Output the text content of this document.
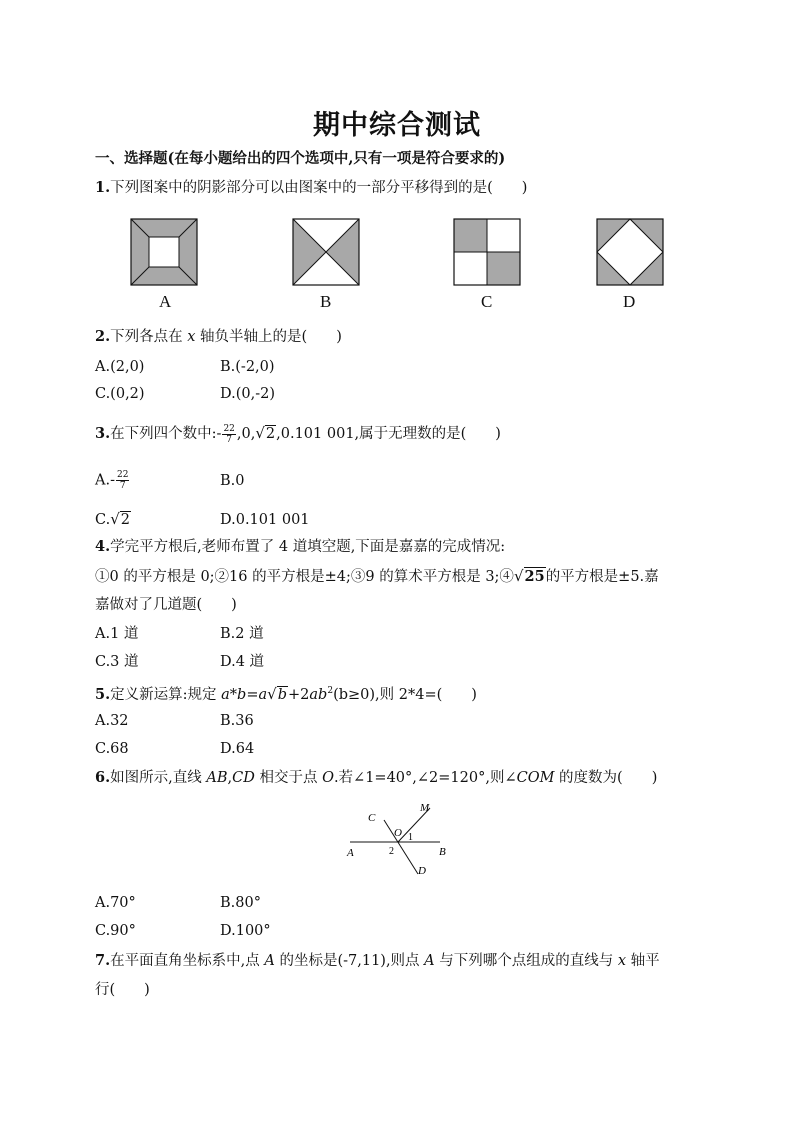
期中综合测试
一、选择题(在每小题给出的四个选项中,只有一项是符合要求的)
1.下列图案中的阴影部分可以由图案中的一部分平移得到的是(　　)
A	B	C	D
2.下列各点在 x 轴负半轴上的是(　　)
A.(2,0)	B.(-2,0)
C.(0,2)	D.(0,-2)
3.在下列四个数中:- $\frac{22}{7} ,0,√2,0.101$ 001,属于无理数的是(　　)
$A.- \frac{22}{7}$	B.0
C.√2	D.0.101 001
4.学完平方根后,老师布置了 4 道填空题,下面是嘉嘉的完成情况:
①0 的平方根是 0;②16 的平方根是±4;③9 的算术平方根是 3;④√25的平方根是±5.嘉
嘉做对了几道题(　　)
A.1 道	B.2 道
C.3 道	D.4 道
5.定义新运算:规定 $a*b=a√b+2ab^2(b\ge 0)$,则 2*4=(　　)
A.32	B.36
C.68	D.64
6.如图所示,直线 AB,CD 相交于点 O.若∠1=40°,∠2=120°,则∠COM 的度数为(　　)
C
M
O 1
2
A	B
D
A.70°	B.80°
C.90°	D.100°
7.在平面直角坐标系中,点 A 的坐标是(-7,11),则点 A 与下列哪个点组成的直线与 x 轴平
行(　　)
